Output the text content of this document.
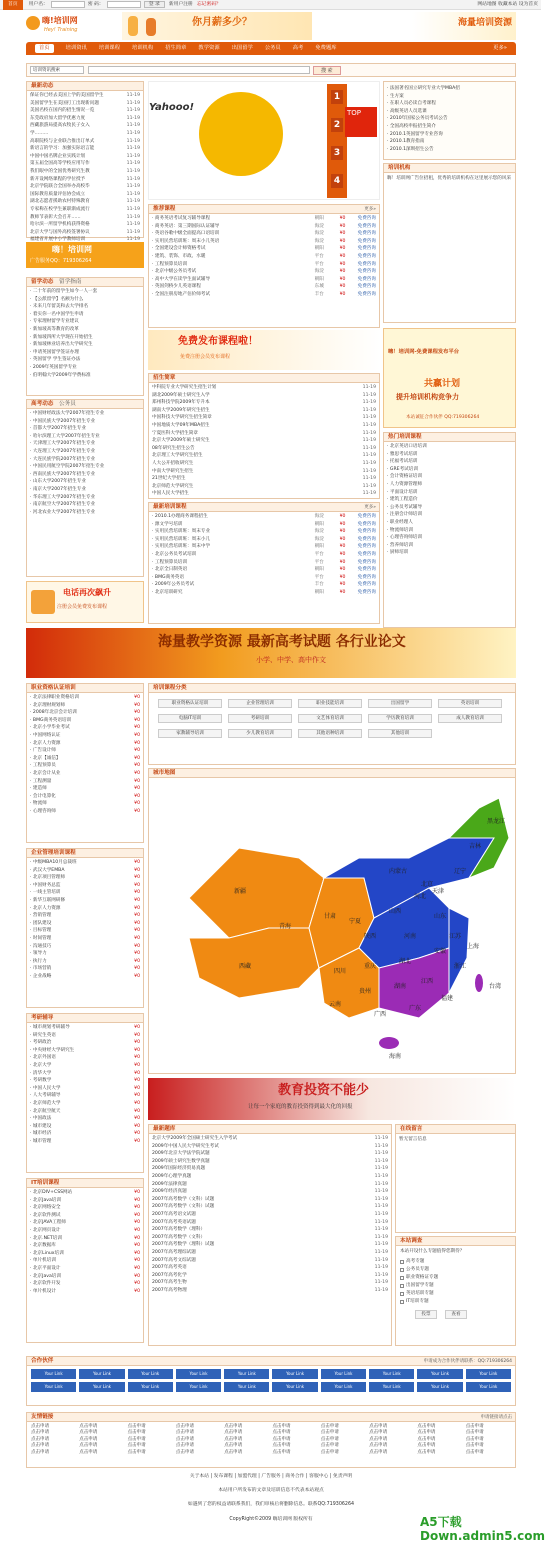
首页	用户名：	密 码：	登 录	新用户注册 忘记密码？	网站地图 收藏本站 设为首页
嗨!培训网
Hey! Training
你月薪多少？	海量培训资源
首页	培训资讯 培训课程 培训机构 招生简章 教学资源 出国留学 公务员 高考 免费题库	更多»
培训资讯搜索	搜 索
最新动态
保证你已经去美国上学的美国留学生	11-19
美国留学生在美国打工出现新问题	11-19
美国名校在国内的招生情况一览	11-19
东莞政府加大留学优惠力度	11-19
西藏旅游局提高农牧民子女入	11-19
学………	11-19
高职院校与企业联合推出订单式	11-19
新语言的学习：加强实际语言能	11-19
中国中国名牌企业实践计划	11-19
第五届全国高等学校应用写作	11-19
我们眼中的全国优秀研究生教	11-19
新开设网络课程的学位授予	11-19
北京学院联合全国举办高校毕	11-19
国际教育质量评估协会成立	11-19
湖北志愿者援助农村特殊教育	11-19
专家称在校学生兼职渐成流行	11-19
教师节表彰大会召开……	11-19
哈尔滨一所留学机构获得资格	11-19
北京大学与国外高校签署协议	11-19
福建省开展中小学教师培训	11-19
嗨！培训网
广告服务QQ：719306264
留学动态　 留学指南
· 二十年前的留学生如今一人一套
· 【公派留学】名额为什么
· 未来几年留美和去大学排名
· 着实你一名中国学生申请
· 专家理财留学专业建议
· 新加坡高等教育的改革
· 新加坡四所大学现在开始招生
· 新加坡林业培养出大学研究生
· 申请英国留学签证办理
· 英国留学 学生签证办法
· 2009年英国留学专业
· 伯明翰大学2009年学费标准
高考动态　 公务员
· 中国财经政法大学2007年招生专业
· 中国民族大学2007年招生专业
· 首都大学2007年招生专业
· 哈尔滨理工大学2007年招生专业
· 天津理工大学2007年招生专业
· 大连理工大学2007年招生专业
· 大连民族学院2007年招生专业
· 中国民用航空学院2007年招生专业
· 西南民族大学2007年招生专业
· 山东大学2007年招生专业
· 南京大学2007年招生专业
· 华东理工大学2007年招生专业
· 南京航空大学2007年招生专业
· 河北农业大学2007年招生专业
电话再次飙升
注册会员免费发布课程
Yahooo!
1
2
3
4
TOP
· 法国著名国立研究专业大学MBA招
· 生方案
· 在职人员必读自考课程
· 高级英语人员选课
· 2010年国家公务员考试公告
· 全国高校申报招生简介
· 2010.1英国留学专业咨询
· 2010.1教育指南
· 2010.1深圳招生公告
培训机构
嗨！培训网广告位招租，优秀的培训机构在这里展示您的风采
推荐课程	更多»
· 商务英语考试复习辅导课程	朝阳	¥0	免费咨询
· 商务英语：第三期国际认证辅导	海淀	¥0	免费咨询
· 英语谷歌中级全面提高口语培训	海淀	¥0	免费咨询
· 实用民营培训班：周末小儿英语	海淀	¥0	免费咨询
· 全国建设会计师资格考试	朝阳	¥0	免费咨询
· 建筑、装饰、市政、水暖	平台	¥0	免费咨询
· 工程预算员培训	平台	¥0	免费咨询
· 北京中级公务员考试	海淀	¥0	免费咨询
· 高中大学在读学生面试辅导	朝阳	¥0	免费咨询
· 英国剑桥少儿英语课程	东城	¥0	免费咨询
· 全国注册房地产估价师考试	丰台	¥0	免费咨询
免费发布课程啦！
免费注册会员发布课程
嗨！培训网-免费课程发布平台
共赢计划
提升培训机构竞争力
本站诚征合作伙伴 QQ:719306264
招生简章
中科院专业大学研究生招生计划	11-19
湖北2009年硕士研究生入学	11-19
郑州科技学院2009年专升本	11-19
湖南大学2009年研究生招生	11-19
中国科技大学研究生招生简章	11-19
中国地质大学09年MBA招生	11-19
宁夏医科大学招生简章	11-19
北京大学2009年硕士研究生	11-19
08年研究生招生公告	11-19
北京理工大学研究生招生	11-19
人大公开招收研究生	11-19
中南大学研究生招生	11-19
21世纪大学招生	11-19
北京师范大学研究生	11-19
中国人民大学招生	11-19
热门培训课程
· 北京英语口语培训
· 雅思考试培训
· 托福考试培训
· GRE考试培训
· 会计资格证培训
· 人力资源管理师
· 平面设计培训
· 建筑工程造价
· 公务员考试辅导
· 注册会计师培训
· 职业经理人
· 物流师培训
· 心理咨询师培训
· 营养师培训
· 厨师培训
最新培训课程	更多»
· 2010.1办理商务课程招生	海淀	¥0	免费咨询
· 源文学号培训	朝阳	¥0	免费咨询
· 实用民营培训班：周末专业	海淀	¥0	免费咨询
· 实用民营培训班：周末小儿	海淀	¥0	免费咨询
· 实用民营培训班：周末中学	朝阳	¥0	免费咨询
· 北京公务员考试培训	平台	¥0	免费咨询
· 工程预算员培训	平台	¥0	免费咨询
· 北京全日制英语	朝阳	¥0	免费咨询
· BMG商务英语	平台	¥0	免费咨询
· 2009年公务员考试	丰台	¥0	免费咨询
· 北京培训研究	朝阳	¥0	免费咨询
海量教学资源 最新高考试题 各行业论文
小学、中学、高中作文
职业资格认证培训
· 北京法律职业资格培训	¥0
· 北京理财规划师	¥0
· 2008年北京会计培训	¥0
· BMG商务英语培训	¥0
· 北京小学毕业考试	¥0
· 中国网络认证	¥0
· 北京人力资源	¥0
· 广告设计师	¥0
· 北京【诚信】	¥0
· 工程预算员	¥0
· 北京会计从业	¥0
· 工程测量	¥0
· 建造师	¥0
· 会计电算化	¥0
· 物流师	¥0
· 心理咨询师	¥0
企业管理培训课程
· 中级MBA10月总裁班	¥0
· 武汉大学EMBA	¥0
· 北京项目管理师	¥0
· 中国财务总监	¥0
· 一线主管培训	¥0
· 新华互联网研修	¥0
· 北京人力资源	¥0
· 营销管理	¥0
· 团队建设	¥0
· 目标管理	¥0
· 时间管理	¥0
· 沟通技巧	¥0
· 领导力	¥0
· 执行力	¥0
· 市场营销	¥0
· 企业战略	¥0
考研辅导
· 城市规划考研辅导	¥0
· 研究生英语	¥0
· 考研政治	¥0
· 中央财经大学研究生	¥0
· 北京外国语	¥0
· 北京大学	¥0
· 清华大学	¥0
· 考研数学	¥0
· 中国人民大学	¥0
· 人大考研辅导	¥0
· 北京师范大学	¥0
· 北京航空航天	¥0
· 中国政法	¥0
· 城市建设	¥0
· 城市经济	¥0
· 城市管理	¥0
IT培训课程
· 北京DIV+CSS网站	¥0
· 北京Java培训	¥0
· 北京网络安全	¥0
· 北京软件测试	¥0
· 北京JAVA工程师	¥0
· 北京网页设计	¥0
· 北京.NET培训	¥0
· 北京数据库	¥0
· 北京Linux培训	¥0
· 单片机培训	¥0
· 北京平面设计	¥0
· 北京Java培训	¥0
· 北京软件开发	¥0
· 单片机设计	¥0
培训课程分类
职业资格认证培训	企业管理培训	职业技能培训	出国留学	英语培训
电脑IT培训	考研培训	文艺体育培训	学历教育培训	成人教育培训
家教辅导培训	少儿教育培训	其他语种培训	其他培训
城市地图
新疆
西藏
青海
甘肃
内蒙古
四川
云南
宁夏
陕西
山西
河北
北京
天津
辽宁
吉林
黑龙江
山东
河南
湖北
湖南
江西
安徽
江苏
浙江
上海
福建
广东
广西
贵州
重庆
海南
台湾
教育投资不能少
让每一个家庭的教育投资得到最大化的回报
最新题库
北京大学2009年全国硕士研究生入学考试	11-19
2009年中国人民大学研究生考试	11-19
2009年北京大学法学院试题	11-19
2009年硕士研究生数学真题	11-19
2009年国际经济贸易真题	11-19
2009年心理学真题	11-19
2009年法律真题	11-19
2009年经济真题	11-19
2007年高考数学（文科）试题	11-19
2007年高考数学（文科）试题	11-19
2007年高考语文试题	11-19
2007年高考英语试题	11-19
2007年高考数学（理科）	11-19
2007年高考数学（文科）	11-19
2007年高考数学（理科）试题	11-19
2007年高考理综试题	11-19
2007年高考文综试题	11-19
2007年高考英语	11-19
2007年高考化学	11-19
2007年高考生物	11-19
2007年高考物理	11-19
在线留言
暂无留言信息
本站调查
本站开设什么专题值得您期待？
高考专题
公务员专题
职业资格证专题
出国留学专题
英语培训专题
IT培训专题
投票	查看
合作伙伴	申请成为合作伙伴请联系：QQ:719306264
Your Link	Your Link	Your Link	Your Link	Your Link	Your Link	Your Link	Your Link	Your Link	Your Link
Your Link	Your Link	Your Link	Your Link	Your Link	Your Link	Your Link	Your Link	Your Link	Your Link
友情链接	申请链接请点击
点击申请	点击申请	点击申请	点击申请	点击申请	点击申请	点击申请	点击申请	点击申请	点击申请
点击申请	点击申请	点击申请	点击申请	点击申请	点击申请	点击申请	点击申请	点击申请	点击申请
点击申请	点击申请	点击申请	点击申请	点击申请	点击申请	点击申请	点击申请	点击申请	点击申请
点击申请	点击申请	点击申请	点击申请	点击申请	点击申请	点击申请	点击申请	点击申请	点击申请
点击申请	点击申请	点击申请	点击申请	点击申请	点击申请	点击申请	点击申请	点击申请	点击申请
关于本站 | 发布课程 | 加盟代理 | 广告服务 | 商务合作 | 客服中心 | 免责声明
本站用户所发布的文章及培训信息不代表本站观点
如遇到了您的权益请联系我们，我们审核后将删除信息。联系QQ:719306264
CopyRight©2009 嗨培训网 版权所有	A5下载 Down.admin5.com
